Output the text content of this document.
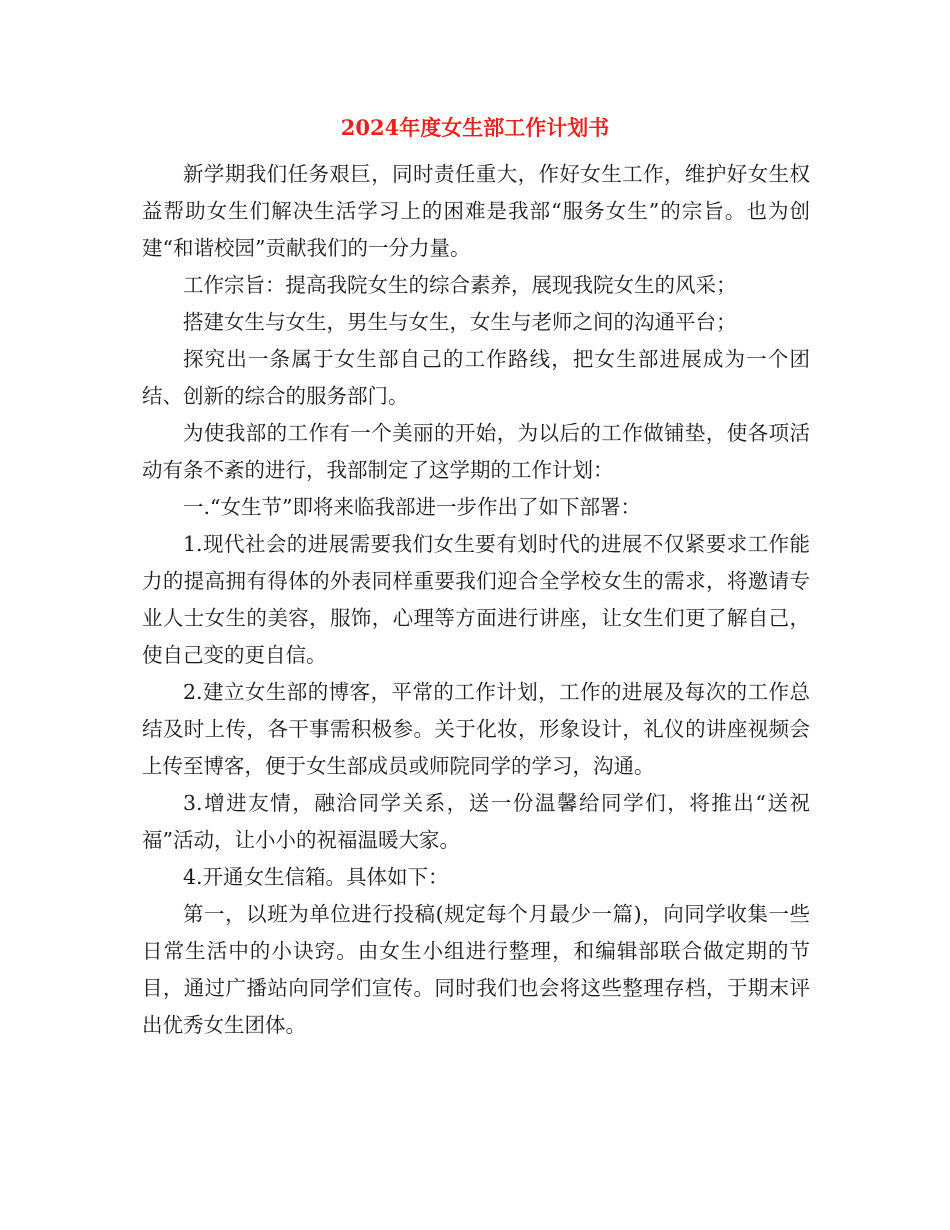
2024年度女生部工作计划书

新学期我们任务艰巨，同时责任重大，作好女生工作，维护好女生权益帮助女生们解决生活学习上的困难是我部“服务女生”的宗旨。也为创建“和谐校园”贡献我们的一分力量。

工作宗旨：提高我院女生的综合素养，展现我院女生的风采；

搭建女生与女生，男生与女生，女生与老师之间的沟通平台；

探究出一条属于女生部自己的工作路线，把女生部进展成为一个团结、创新的综合的服务部门。

为使我部的工作有一个美丽的开始，为以后的工作做铺垫，使各项活动有条不紊的进行，我部制定了这学期的工作计划：

一.“女生节”即将来临我部进一步作出了如下部署：

1.现代社会的进展需要我们女生要有划时代的进展不仅紧要求工作能力的提高拥有得体的外表同样重要我们迎合全学校女生的需求，将邀请专业人士女生的美容，服饰，心理等方面进行讲座，让女生们更了解自己，使自己变的更自信。

2.建立女生部的博客，平常的工作计划，工作的进展及每次的工作总结及时上传，各干事需积极参。关于化妆，形象设计，礼仪的讲座视频会上传至博客，便于女生部成员或师院同学的学习，沟通。

3.增进友情，融洽同学关系，送一份温馨给同学们，将推出“送祝福”活动，让小小的祝福温暖大家。

4.开通女生信箱。具体如下：

第一，以班为单位进行投稿(规定每个月最少一篇)，向同学收集一些日常生活中的小诀窍。由女生小组进行整理，和编辑部联合做定期的节目，通过广播站向同学们宣传。同时我们也会将这些整理存档，于期末评出优秀女生团体。
